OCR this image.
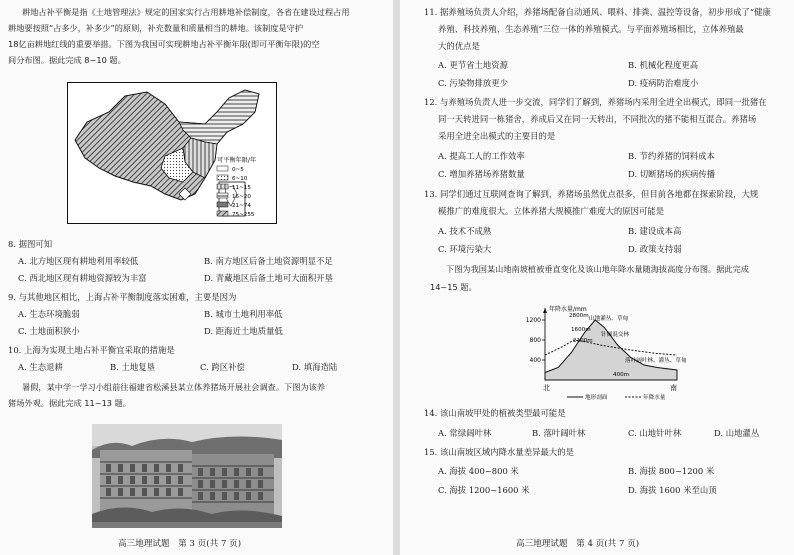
耕地占补平衡是指《土地管理法》规定的国家实行占用耕地补偿制度，各省在建设过程占用
耕地要按照“占多少，补多少”的原则，补充数量和质量相当的耕地。该制度是守护
18亿亩耕地红线的重要举措。下图为我国可实现耕地占补平衡年限(即可平衡年限)的空
间分布图。据此完成 8~10 题。
可平衡年限/年
0~5
6~10
11~15
16~20
21~74
75~255
8. 据图可知
A. 北方地区现有耕地利用率较低	B. 南方地区后备土地资源明显不足
C. 西北地区现有耕地资源较为丰富	D. 青藏地区后备土地可大面积开垦
9. 与其他地区相比，上海占补平衡制度落实困难，主要是因为
A. 生态环境脆弱	B. 城市土地利用率低
C. 土地面积狭小	D. 距海近土地质量低
10. 上海为实现土地占补平衡宜采取的措施是
A. 生态退耕	B. 土地复垦	C. 跨区补偿	D. 填海造陆
暑假，某中学一学习小组前往福建省松溪县某立体养猪场开展社会调查。下图为该养
猪场外观。据此完成 11~13 题。
高三地理试题　第 3 页(共 7 页)
11. 据养殖场负责人介绍，养猪场配备自动通风、喂料、排粪、温控等设备，初步形成了“健康
养殖、科技养殖、生态养殖”三位一体的养殖模式。与平面养殖场相比，立体养殖最
大的优点是
A. 更节省土地资源	B. 机械化程度更高
C. 污染物排放更少	D. 疫病防治难度小
12. 与养殖场负责人进一步交流，同学们了解到，养猪场内采用全进全出模式，即同一批猪在
同一天转进同一栋猪舍，养成后又在同一天转出，不同批次的猪不能相互混合。养猪场
采用全进全出模式的主要目的是
A. 提高工人的工作效率	B. 节约养猪的饲料成本
C. 增加养猪场养猪数量	D. 切断猪场的疾病传播
13. 同学们通过互联网查询了解到，养猪场虽然优点很多，但目前各地都在探索阶段，大规
模推广的难度很大。立体养猪大规模推广难度大的原因可能是
A. 技术不成熟	B. 建设成本高
C. 环境污染大	D. 政策支持弱
下图为我国某山地南坡植被垂直变化及该山地年降水量随海拔高度分布图。据此完成
14~15 题。
年降水量/mm
400
800
1200
400m
1600m
2100m
2800m 山地灌丛、草甸
针阔混交林
落叶阔叶林、灌丛、草甸
北	南
地形剖面	年降水量
14. 该山南坡甲处的植被类型最可能是
A. 常绿阔叶林	B. 落叶阔叶林	C. 山地针叶林	D. 山地灌丛
15. 该山南坡区域内降水量差异最大的是
A. 海拔 400~800 米	B. 海拔 800~1200 米
C. 海拔 1200~1600 米	D. 海拔 1600 米至山顶
高三地理试题　第 4 页(共 7 页)
